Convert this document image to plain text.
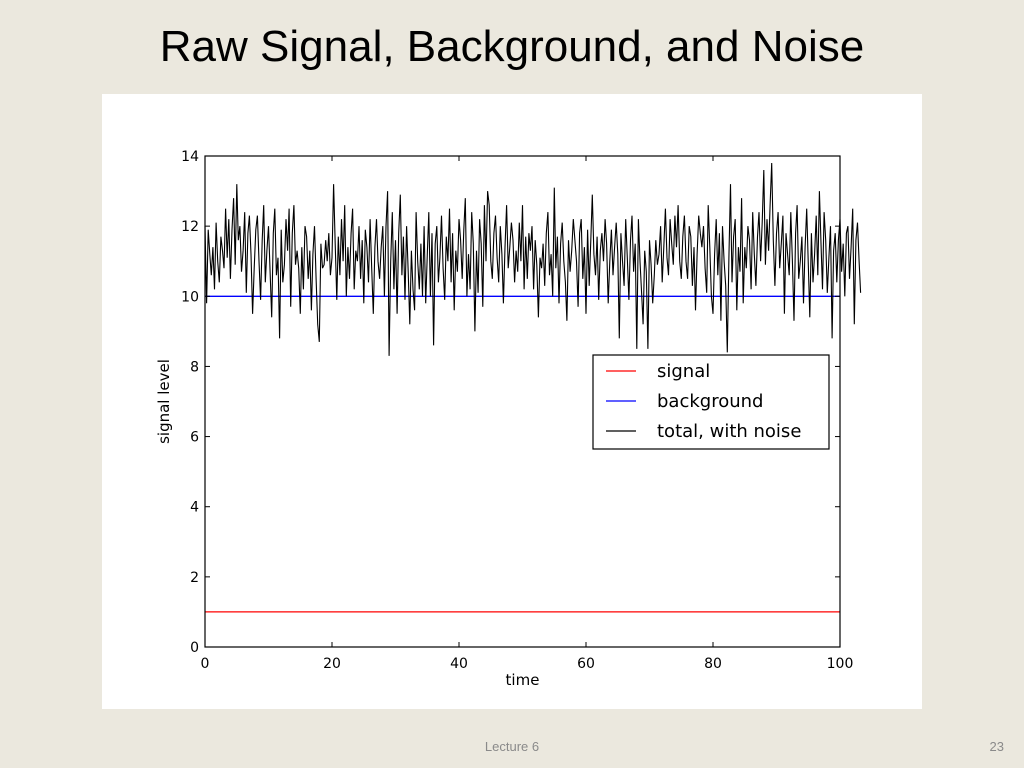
Raw Signal, Background, and Noise
0
2
4
6
8
10
12
14
0	20	40	60	80	100
time
signal level	signal
background
total, with noise
Lecture 6	23
